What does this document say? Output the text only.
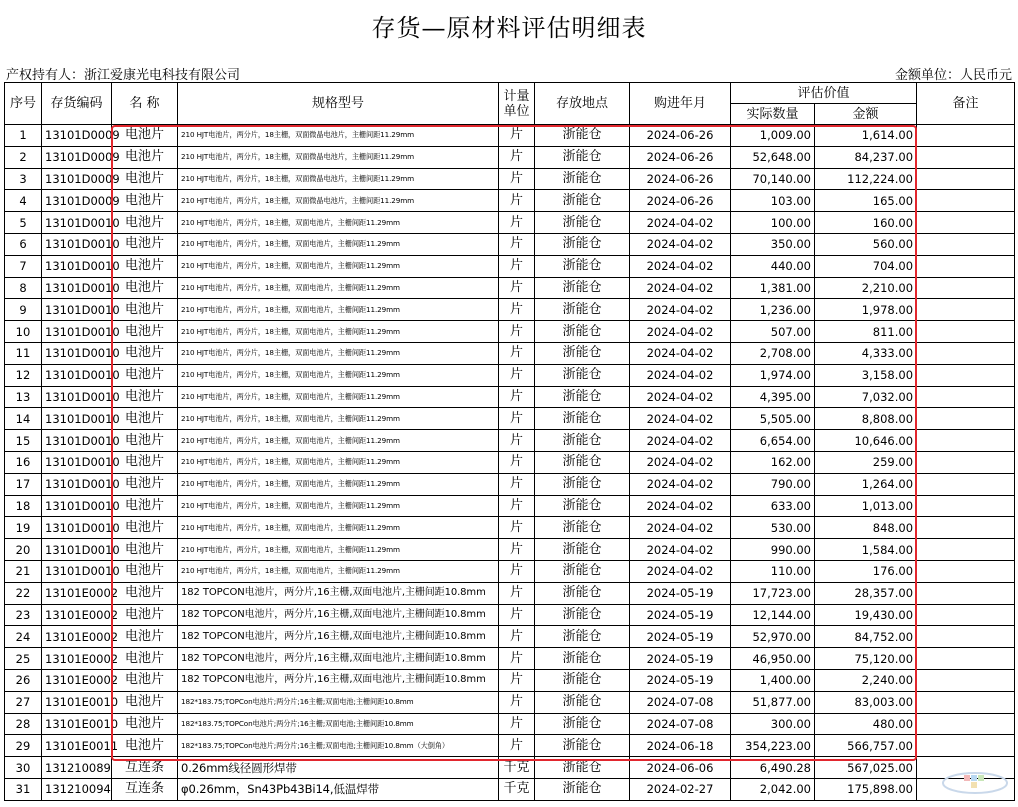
存货—原材料评估明细表
产权持有人：浙江爱康光电科技有限公司	金额单位：人民币元
序号	存货编码	名 称	规格型号	计量单位	存放地点	购进年月	评估价值		备注
							实际数量	金额	
1	13101D0009	电池片	210 HJT电池片，两分片，18主栅，双面微晶电池片，主栅间距11.29mm	片	浙能仓	2024-06-26	1,009.00	1,614.00	
2	13101D0009	电池片	210 HJT电池片，两分片，18主栅，双面微晶电池片，主栅间距11.29mm	片	浙能仓	2024-06-26	52,648.00	84,237.00	
3	13101D0009	电池片	210 HJT电池片，两分片，18主栅，双面微晶电池片，主栅间距11.29mm	片	浙能仓	2024-06-26	70,140.00	112,224.00	
4	13101D0009	电池片	210 HJT电池片，两分片，18主栅，双面微晶电池片，主栅间距11.29mm	片	浙能仓	2024-06-26	103.00	165.00	
5	13101D0010	电池片	210 HJT电池片，两分片，18主栅，双面电池片，主栅间距11.29mm	片	浙能仓	2024-04-02	100.00	160.00	
6	13101D0010	电池片	210 HJT电池片，两分片，18主栅，双面电池片，主栅间距11.29mm	片	浙能仓	2024-04-02	350.00	560.00	
7	13101D0010	电池片	210 HJT电池片，两分片，18主栅，双面电池片，主栅间距11.29mm	片	浙能仓	2024-04-02	440.00	704.00	
8	13101D0010	电池片	210 HJT电池片，两分片，18主栅，双面电池片，主栅间距11.29mm	片	浙能仓	2024-04-02	1,381.00	2,210.00	
9	13101D0010	电池片	210 HJT电池片，两分片，18主栅，双面电池片，主栅间距11.29mm	片	浙能仓	2024-04-02	1,236.00	1,978.00	
10	13101D0010	电池片	210 HJT电池片，两分片，18主栅，双面电池片，主栅间距11.29mm	片	浙能仓	2024-04-02	507.00	811.00	
11	13101D0010	电池片	210 HJT电池片，两分片，18主栅，双面电池片，主栅间距11.29mm	片	浙能仓	2024-04-02	2,708.00	4,333.00	
12	13101D0010	电池片	210 HJT电池片，两分片，18主栅，双面电池片，主栅间距11.29mm	片	浙能仓	2024-04-02	1,974.00	3,158.00	
13	13101D0010	电池片	210 HJT电池片，两分片，18主栅，双面电池片，主栅间距11.29mm	片	浙能仓	2024-04-02	4,395.00	7,032.00	
14	13101D0010	电池片	210 HJT电池片，两分片，18主栅，双面电池片，主栅间距11.29mm	片	浙能仓	2024-04-02	5,505.00	8,808.00	
15	13101D0010	电池片	210 HJT电池片，两分片，18主栅，双面电池片，主栅间距11.29mm	片	浙能仓	2024-04-02	6,654.00	10,646.00	
16	13101D0010	电池片	210 HJT电池片，两分片，18主栅，双面电池片，主栅间距11.29mm	片	浙能仓	2024-04-02	162.00	259.00	
17	13101D0010	电池片	210 HJT电池片，两分片，18主栅，双面电池片，主栅间距11.29mm	片	浙能仓	2024-04-02	790.00	1,264.00	
18	13101D0010	电池片	210 HJT电池片，两分片，18主栅，双面电池片，主栅间距11.29mm	片	浙能仓	2024-04-02	633.00	1,013.00	
19	13101D0010	电池片	210 HJT电池片，两分片，18主栅，双面电池片，主栅间距11.29mm	片	浙能仓	2024-04-02	530.00	848.00	
20	13101D0010	电池片	210 HJT电池片，两分片，18主栅，双面电池片，主栅间距11.29mm	片	浙能仓	2024-04-02	990.00	1,584.00	
21	13101D0010	电池片	210 HJT电池片，两分片，18主栅，双面电池片，主栅间距11.29mm	片	浙能仓	2024-04-02	110.00	176.00	
22	13101E0002	电池片	182 TOPCON电池片，两分片,16主栅,双面电池片,主栅间距10.8mm	片	浙能仓	2024-05-19	17,723.00	28,357.00	
23	13101E0002	电池片	182 TOPCON电池片，两分片,16主栅,双面电池片,主栅间距10.8mm	片	浙能仓	2024-05-19	12,144.00	19,430.00	
24	13101E0002	电池片	182 TOPCON电池片，两分片,16主栅,双面电池片,主栅间距10.8mm	片	浙能仓	2024-05-19	52,970.00	84,752.00	
25	13101E0002	电池片	182 TOPCON电池片，两分片,16主栅,双面电池片,主栅间距10.8mm	片	浙能仓	2024-05-19	46,950.00	75,120.00	
26	13101E0002	电池片	182 TOPCON电池片，两分片,16主栅,双面电池片,主栅间距10.8mm	片	浙能仓	2024-05-19	1,400.00	2,240.00	
27	13101E0010	电池片	182*183.75;TOPCon电池片;两分片;16主栅;双面电池;主栅间距10.8mm	片	浙能仓	2024-07-08	51,877.00	83,003.00	
28	13101E0010	电池片	182*183.75;TOPCon电池片;两分片;16主栅;双面电池;主栅间距10.8mm	片	浙能仓	2024-07-08	300.00	480.00	
29	13101E0011	电池片	182*183.75;TOPCon电池片;两分片;16主栅;双面电池;主栅间距10.8mm（大倒角）	片	浙能仓	2024-06-18	354,223.00	566,757.00	
30	131210089	互连条	0.26mm线径圆形焊带	千克	浙能仓	2024-06-06	6,490.28	567,025.00	
31	131210094	互连条	φ0.26mm，Sn43Pb43Bi14,低温焊带	千克	浙能仓	2024-02-27	2,042.00	175,898.00	
